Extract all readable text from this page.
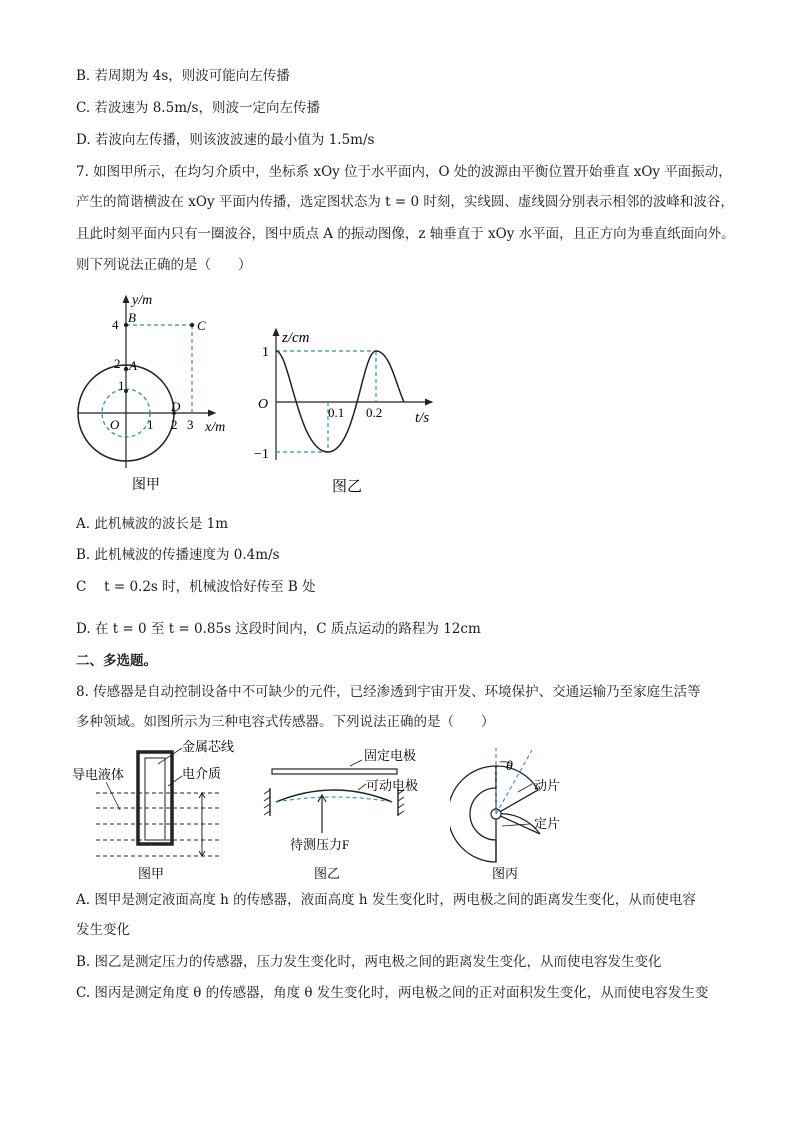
B. 若周期为 4s，则波可能向左传播
C. 若波速为 8.5m/s，则波一定向左传播
D. 若波向左传播，则该波波速的最小值为 1.5m/s
7. 如图甲所示，在均匀介质中，坐标系 xOy 位于水平面内，O 处的波源由平衡位置开始垂直 xOy 平面振动，
产生的简谐横波在 xOy 平面内传播，选定图状态为 t = 0 时刻，实线圆、虚线圆分别表示相邻的波峰和波谷，
且此时刻平面内只有一圈波谷，图中质点 A 的振动图像，z 轴垂直于 xOy 水平面，且正方向为垂直纸面向外。
则下列说法正确的是（　　）
y/m
x/m
B
C
A
D
O
4
2
1
1 2 3
图甲
z/cm
t/s
1
−1
O
0.1 0.2
图乙
A. 此机械波的波长是 1m
B. 此机械波的传播速度为 0.4m/s
C　 t = 0.2s 时，机械波恰好传至 B 处
D. 在 t = 0 至 t = 0.85s 这段时间内，C 质点运动的路程为 12cm
二、多选题。
8. 传感器是自动控制设备中不可缺少的元件，已经渗透到宇宙开发、环境保护、交通运输乃至家庭生活等
多种领域。如图所示为三种电容式传感器。下列说法正确的是（　　）
金属芯线
导电液体	电介质
图甲
固定电极
可动电极
待测压力F
图乙
θ
动片
定片
图丙
A. 图甲是测定液面高度 h 的传感器，液面高度 h 发生变化时，两电极之间的距离发生变化，从而使电容
发生变化
B. 图乙是测定压力的传感器，压力发生变化时，两电极之间的距离发生变化，从而使电容发生变化
C. 图丙是测定角度 θ 的传感器，角度 θ 发生变化时，两电极之间的正对面积发生变化，从而使电容发生变
